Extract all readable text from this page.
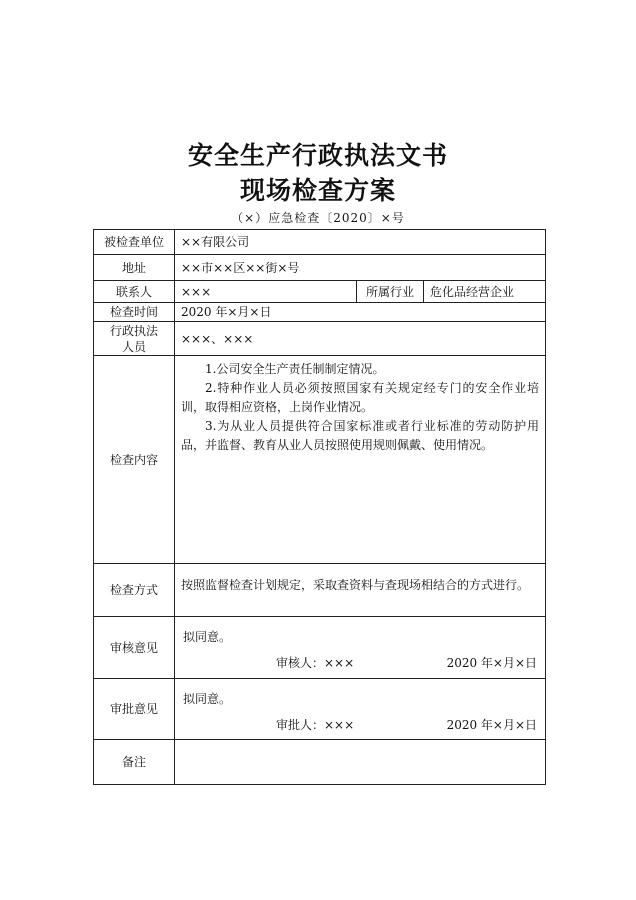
安全生产行政执法文书
现场检查方案
（×）应急检查〔2020〕×号
被检查单位	××有限公司		
地址	××市××区××街×号		
联系人	×××	所属行业	危化品经营企业
检查时间	2020 年×月×日		

行政执法
人员	×××、×××		
检查内容	1.公司安全生产责任制制定情况。
2.特种作业人员必须按照国家有关规定经专门的安全作业培训，取得相应资格，上岗作业情况。
3.为从业人员提供符合国家标准或者行业标准的劳动防护用品，并监督、教育从业人员按照使用规则佩戴、使用情况。		

检查方式	按照监督检查计划规定，采取查资料与查现场相结合的方式进行。		
审核意见	拟同意。
审核人：××× 2020 年×月×日		

审批意见	拟同意。
审批人：××× 2020 年×月×日		

备注			
